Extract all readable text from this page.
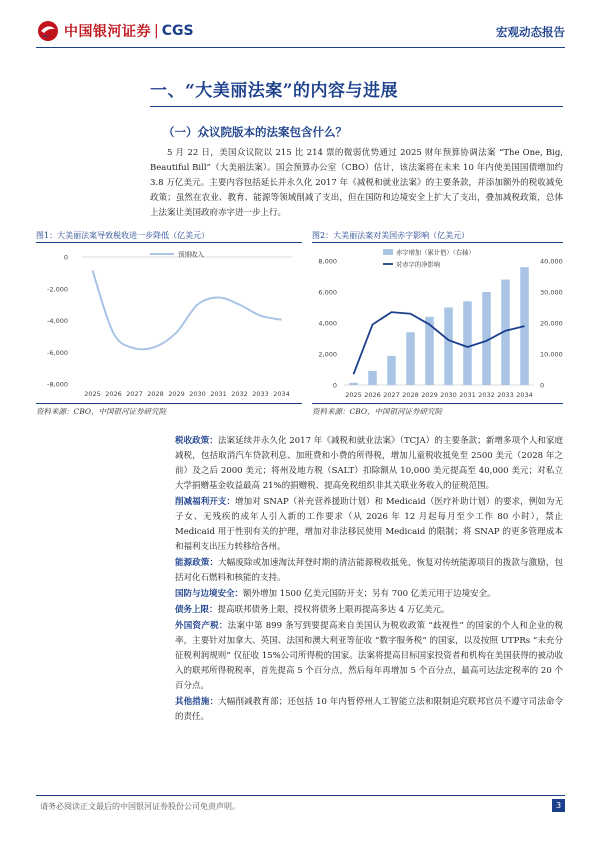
中国银河证券 | CGS	宏观动态报告
一、“大美丽法案”的内容与进展
（一）众议院版本的法案包含什么？
5 月 22 日，美国众议院以 215 比 214 票的微弱优势通过 2025 财年预算协调法案 “The One, Big, Beautiful Bill”（大美丽法案）。国会预算办公室（CBO）估计，该法案将在未来 10 年内使美国国债增加约 3.8 万亿美元。主要内容包括延长并永久化 2017 年《减税和就业法案》的主要条款，并添加额外的税收减免政策；虽然在农业、教育、能源等领域削减了支出，但在国防和边境安全上扩大了支出，叠加减税政策，总体上法案让美国政府赤字进一步上行。
图1：大美丽法案导致税收进一步降低（亿美元）
0
-2,000
-4,000
-6,000
-8,000
2025 2026 2027 2028 2029 2030 2031 2032 2033 2034
预期收入
资料来源：CBO，中国银河证券研究院
图2：大美丽法案对美国赤字影响（亿美元）
0
2,000
4,000
6,000
8,000
0
10,000
20,000
30,000
40,000
2025 2026 2027 2028 2029 2030 2031 2032 2033 2034
赤字增加（累计值）（右轴）
对赤字的净影响
资料来源：CBO，中国银河证券研究院
税收政策：法案延续并永久化 2017 年《减税和就业法案》（TCJA）的主要条款；新增多项个人和家庭减税，包括取消汽车贷款利息、加班费和小费的所得税，增加儿童税收抵免至 2500 美元（2028 年之前）及之后 2000 美元；将州及地方税（SALT）扣除额从 10,000 美元提高至 40,000 美元；对私立大学捐赠基金收益最高 21%的捐赠税、提高免税组织非其关联业务收入的征税范围。
削减福利开支：增加对 SNAP（补充营养援助计划）和 Medicaid（医疗补助计划）的要求，例如为无子女、无残疾的成年人引入新的工作要求（从 2026 年 12 月起每月至少工作 80 小时），禁止 Medicaid 用于性别有关的护理，增加对非法移民使用 Medicaid 的限制；将 SNAP 的更多管理成本和福利支出压力转移给各州。
能源政策：大幅废除或加速淘汰拜登时期的清洁能源税收抵免，恢复对传统能源项目的拨款与激励，包括对化石燃料和核能的支持。
国防与边境安全：额外增加 1500 亿美元国防开支；另有 700 亿美元用于边境安全。
债务上限：提高联邦债务上限，授权将债务上限再提高多达 4 万亿美元。
外国资产税：法案中第 899 条写到要提高来自美国认为税收政策 “歧视性” 的国家的个人和企业的税率，主要针对加拿大、英国、法国和澳大利亚等征收 “数字服务税” 的国家，以及按照 UTPRs “未充分征税利润规则” 仅征收 15%公司所得税的国家。法案将提高目标国家投资者和机构在美国获得的被动收入的联邦所得税税率，首先提高 5 个百分点，然后每年再增加 5 个百分点，最高可达法定税率的 20 个百分点。
其他措施：大幅削减教育部；还包括 10 年内暂停州人工智能立法和限制追究联邦官员不遵守司法命令的责任。
请务必阅读正文最后的中国银河证券股份公司免责声明。	3
